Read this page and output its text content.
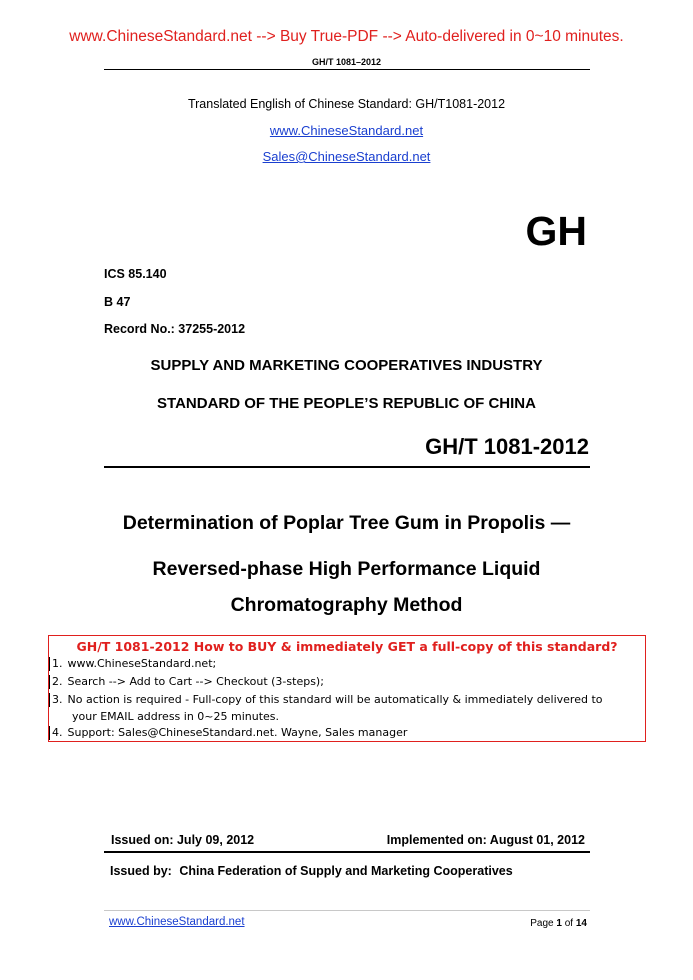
www.ChineseStandard.net --> Buy True-PDF --> Auto-delivered in 0~10 minutes.
GH/T 1081–2012
Translated English of Chinese Standard: GH/T1081-2012
www.ChineseStandard.net
Sales@ChineseStandard.net
GH
ICS 85.140
B 47
Record No.: 37255-2012
SUPPLY AND MARKETING COOPERATIVES INDUSTRY
STANDARD OF THE PEOPLE’S REPUBLIC OF CHINA
GH/T 1081-2012
Determination of Poplar Tree Gum in Propolis —
Reversed-phase High Performance Liquid
Chromatography Method
GH/T 1081-2012 How to BUY & immediately GET a full-copy of this standard?
1. www.ChineseStandard.net;
2. Search --> Add to Cart --> Checkout (3-steps);
3. No action is required - Full-copy of this standard will be automatically & immediately delivered to
your EMAIL address in 0~25 minutes.
4. Support: Sales@ChineseStandard.net. Wayne, Sales manager
Issued on: July 09, 2012	Implemented on: August 01, 2012
Issued by: China Federation of Supply and Marketing Cooperatives
www.ChineseStandard.net	Page 1 of 14
